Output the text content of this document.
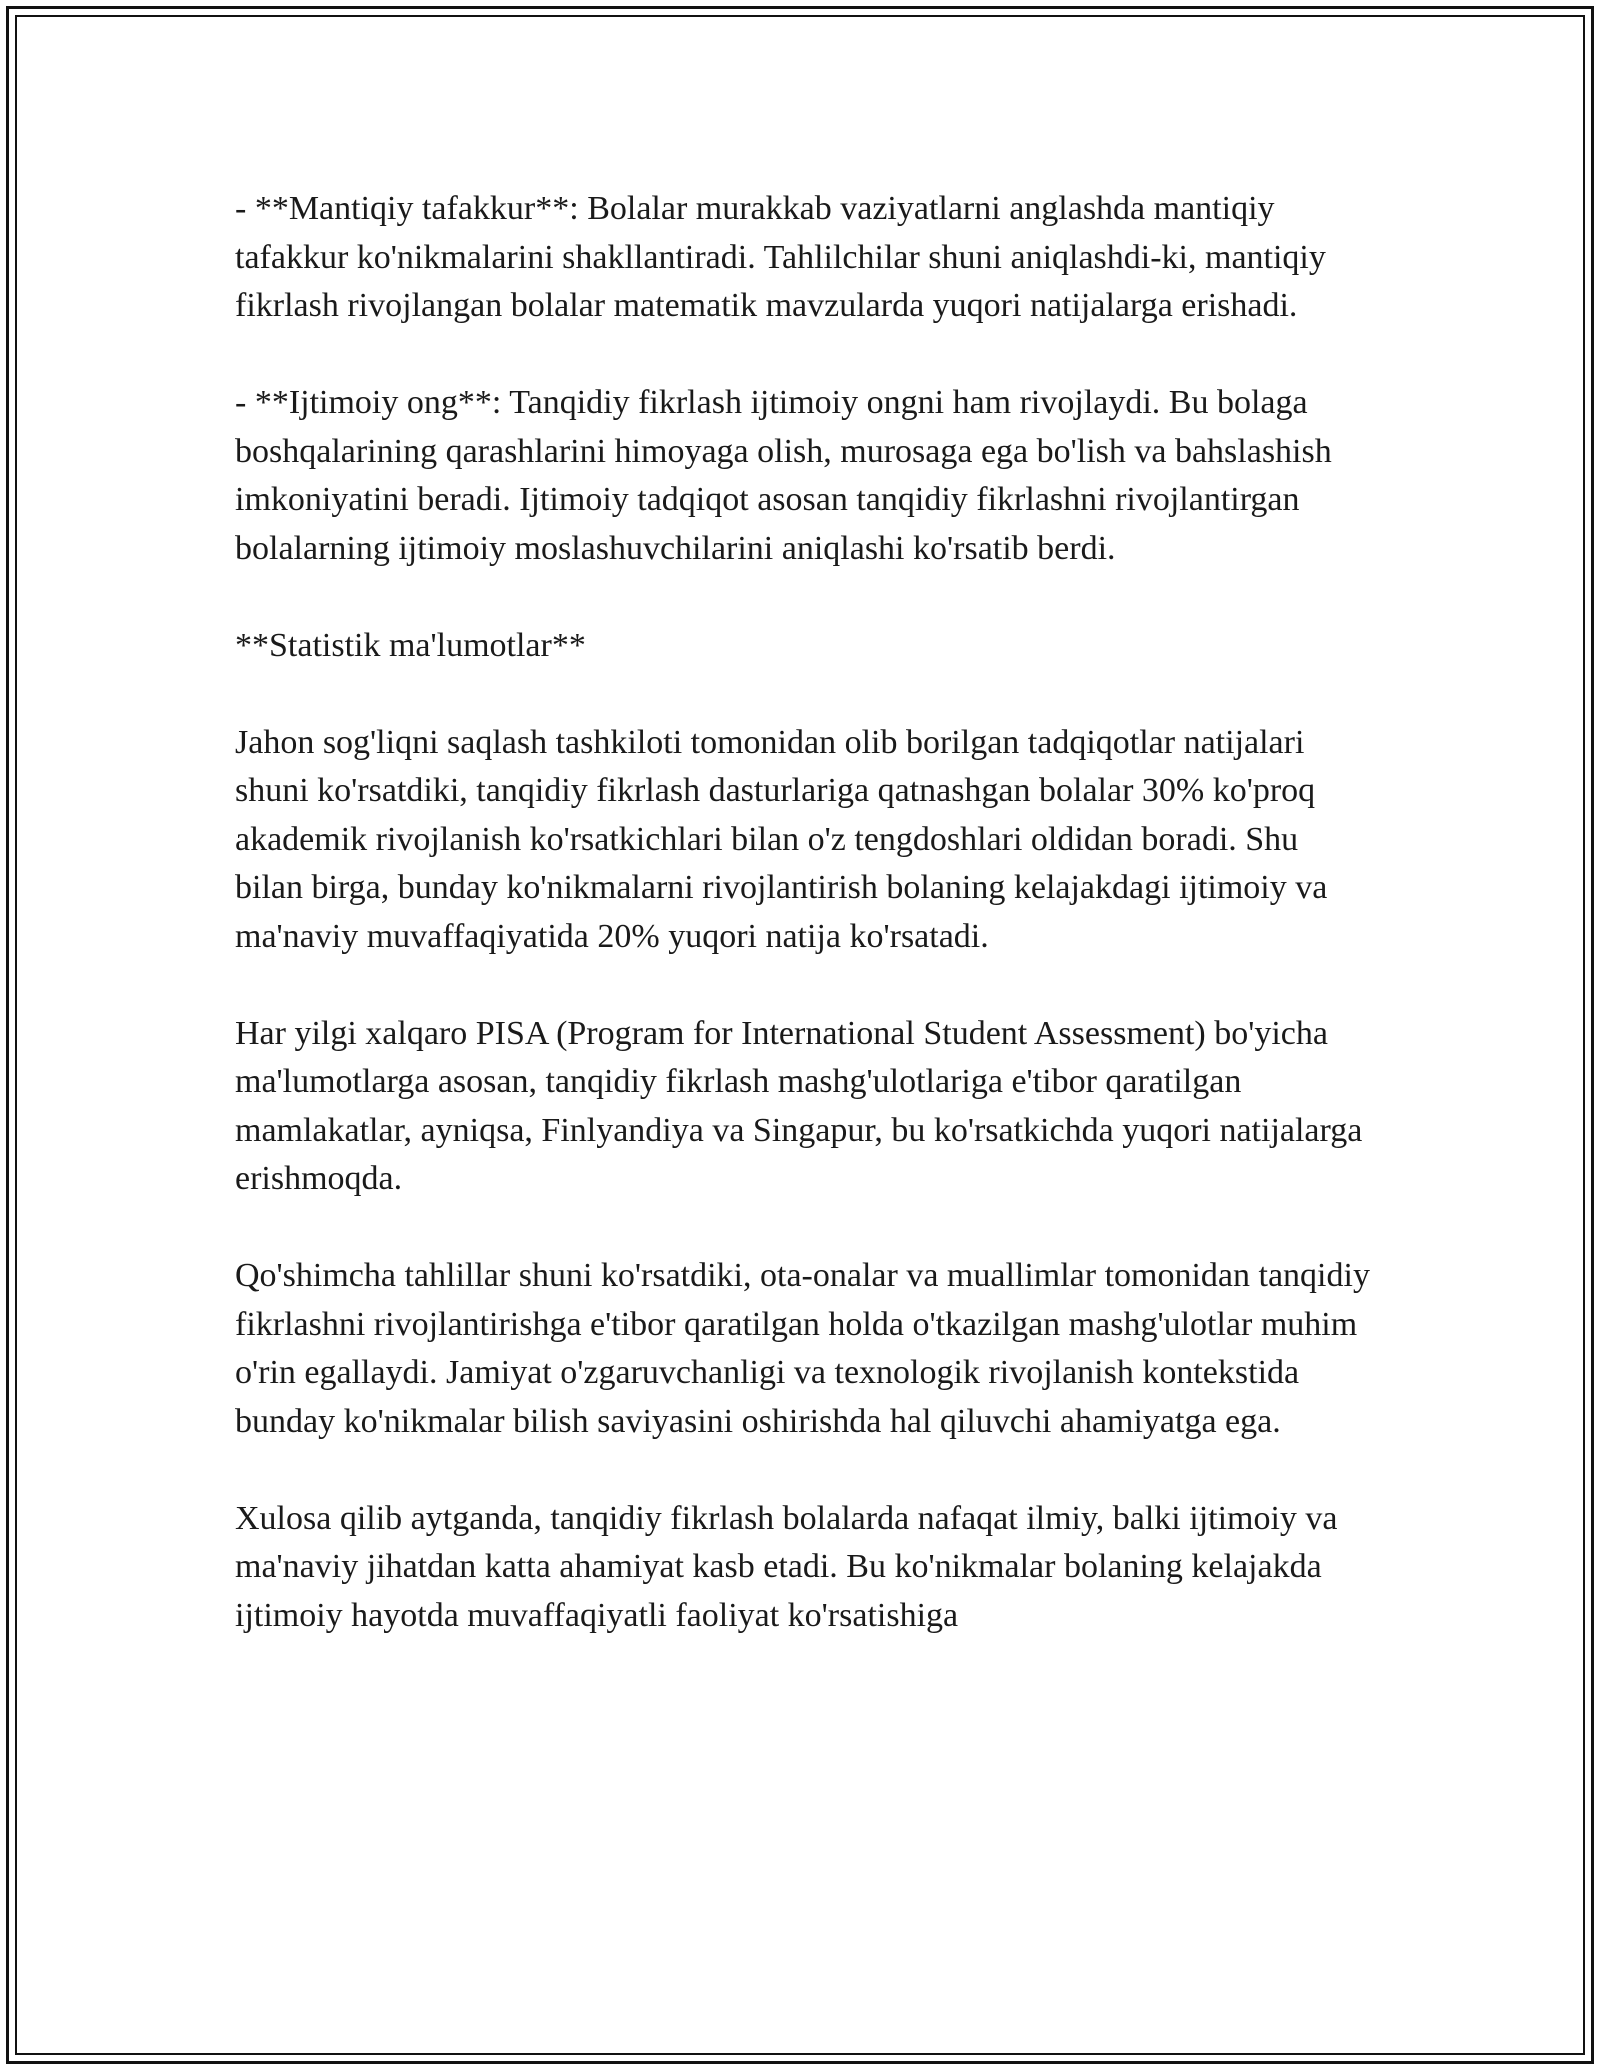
- **Mantiqiy tafakkur**: Bolalar murakkab vaziyatlarni anglashda mantiqiy tafakkur ko'nikmalarini shakllantiradi. Tahlilchilar shuni aniqlashdi-ki, mantiqiy fikrlash rivojlangan bolalar matematik mavzularda yuqori natijalarga erishadi.

- **Ijtimoiy ong**: Tanqidiy fikrlash ijtimoiy ongni ham rivojlaydi. Bu bolaga boshqalarining qarashlarini himoyaga olish, murosaga ega bo'lish va bahslashish imkoniyatini beradi. Ijtimoiy tadqiqot asosan tanqidiy fikrlashni rivojlantirgan bolalarning ijtimoiy moslashuvchilarini aniqlashi ko'rsatib berdi.

**Statistik ma'lumotlar**

Jahon sog'liqni saqlash tashkiloti tomonidan olib borilgan tadqiqotlar natijalari shuni ko'rsatdiki, tanqidiy fikrlash dasturlariga qatnashgan bolalar 30% ko'proq akademik rivojlanish ko'rsatkichlari bilan o'z tengdoshlari oldidan boradi. Shu bilan birga, bunday ko'nikmalarni rivojlantirish bolaning kelajakdagi ijtimoiy va ma'naviy muvaffaqiyatida 20% yuqori natija ko'rsatadi.

Har yilgi xalqaro PISA (Program for International Student Assessment) bo'yicha ma'lumotlarga asosan, tanqidiy fikrlash mashg'ulotlariga e'tibor qaratilgan mamlakatlar, ayniqsa, Finlyandiya va Singapur, bu ko'rsatkichda yuqori natijalarga erishmoqda.

Qo'shimcha tahlillar shuni ko'rsatdiki, ota-onalar va muallimlar tomonidan tanqidiy fikrlashni rivojlantirishga e'tibor qaratilgan holda o'tkazilgan mashg'ulotlar muhim o'rin egallaydi. Jamiyat o'zgaruvchanligi va texnologik rivojlanish kontekstida bunday ko'nikmalar bilish saviyasini oshirishda hal qiluvchi ahamiyatga ega.

Xulosa qilib aytganda, tanqidiy fikrlash bolalarda nafaqat ilmiy, balki ijtimoiy va ma'naviy jihatdan katta ahamiyat kasb etadi. Bu ko'nikmalar bolaning kelajakda ijtimoiy hayotda muvaffaqiyatli faoliyat ko'rsatishiga
